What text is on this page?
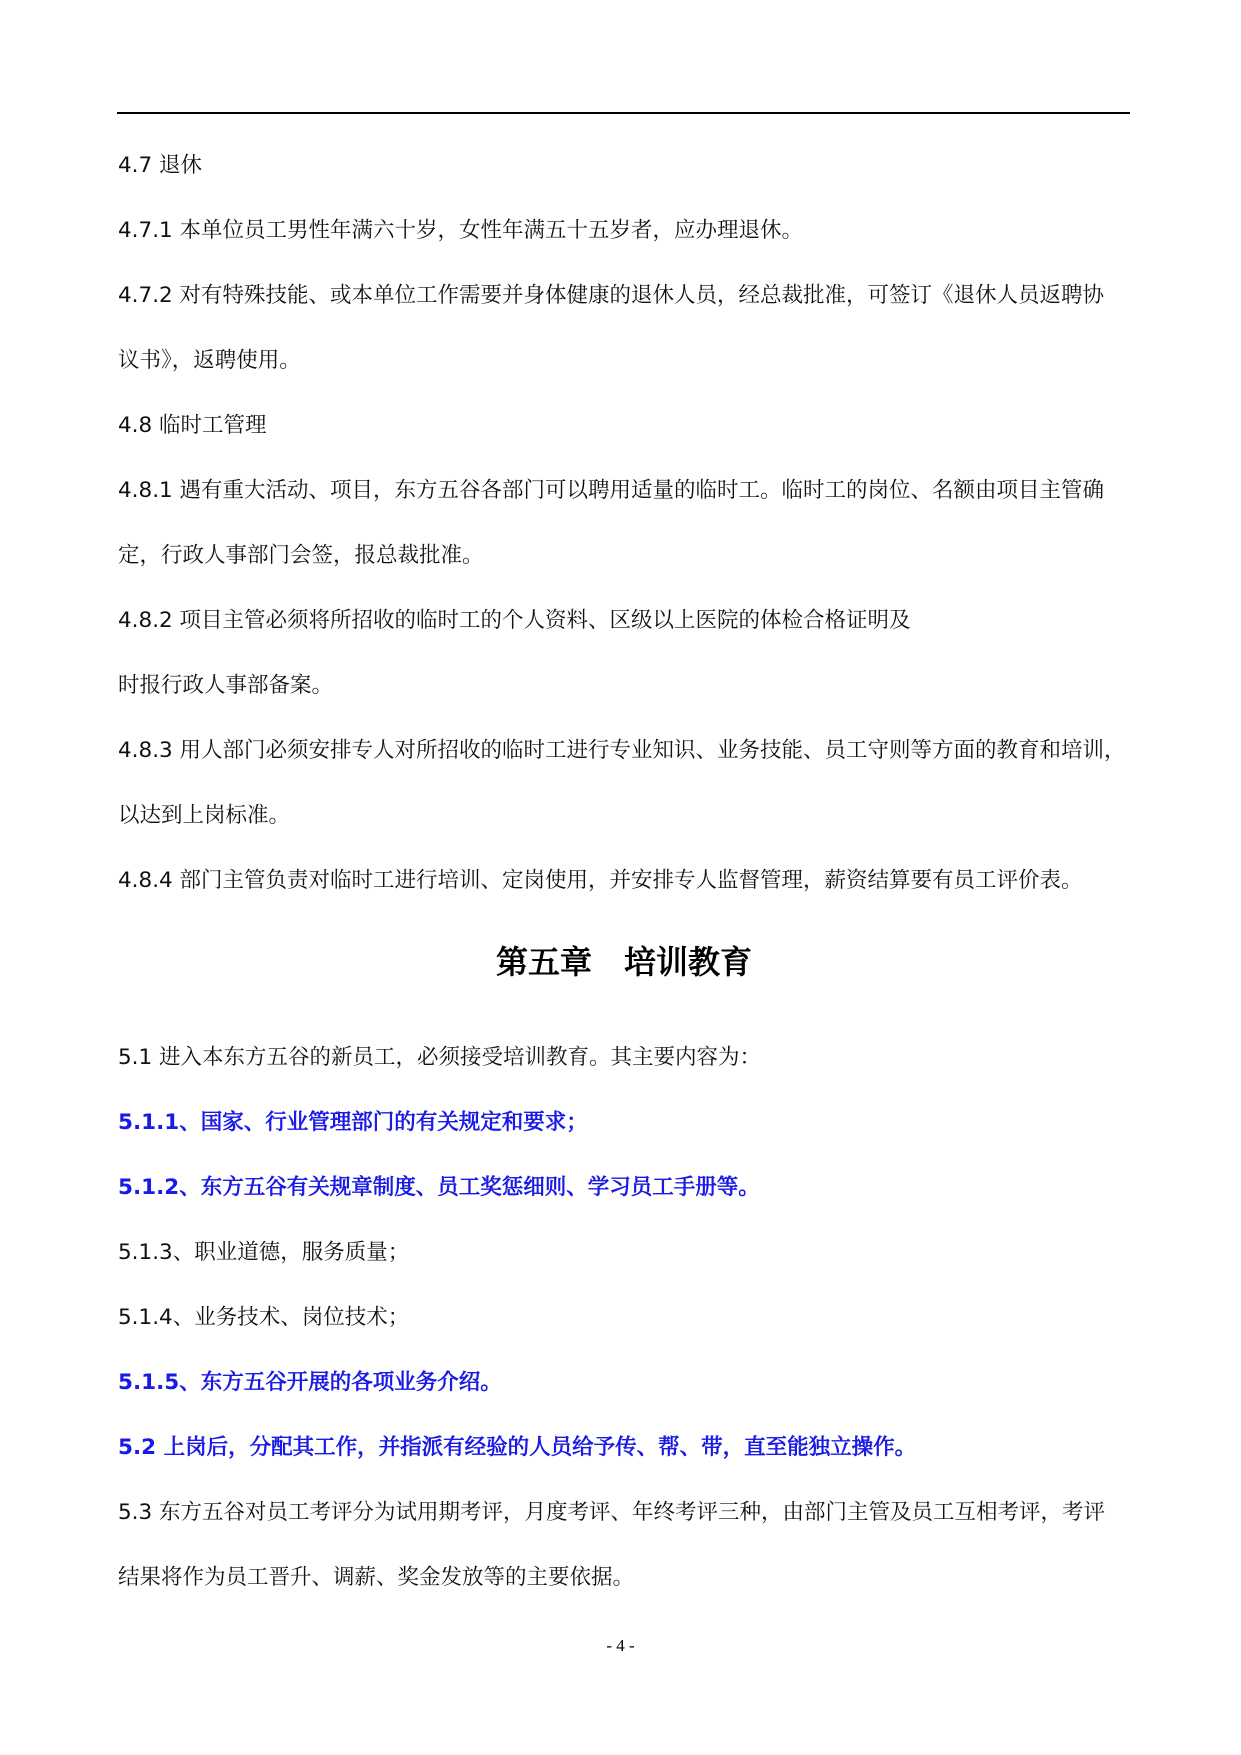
4.7 退休

4.7.1 本单位员工男性年满六十岁，女性年满五十五岁者，应办理退休。

4.7.2 对有特殊技能、或本单位工作需要并身体健康的退休人员，经总裁批准，可签订《退休人员返聘协

议书》，返聘使用。

4.8 临时工管理

4.8.1 遇有重大活动、项目，东方五谷各部门可以聘用适量的临时工。临时工的岗位、名额由项目主管确

定，行政人事部门会签，报总裁批准。

4.8.2 项目主管必须将所招收的临时工的个人资料、区级以上医院的体检合格证明及

时报行政人事部备案。

4.8.3 用人部门必须安排专人对所招收的临时工进行专业知识、业务技能、员工守则等方面的教育和培训，

以达到上岗标准。

4.8.4 部门主管负责对临时工进行培训、定岗使用，并安排专人监督管理，薪资结算要有员工评价表。

第五章　培训教育

5.1 进入本东方五谷的新员工，必须接受培训教育。其主要内容为：

5.1.1、国家、行业管理部门的有关规定和要求；

5.1.2、东方五谷有关规章制度、员工奖惩细则、学习员工手册等。

5.1.3、职业道德，服务质量；

5.1.4、业务技术、岗位技术；

5.1.5、东方五谷开展的各项业务介绍。

5.2 上岗后，分配其工作，并指派有经验的人员给予传、帮、带，直至能独立操作。

5.3 东方五谷对员工考评分为试用期考评，月度考评、年终考评三种，由部门主管及员工互相考评，考评

结果将作为员工晋升、调薪、奖金发放等的主要依据。

- 4 -
